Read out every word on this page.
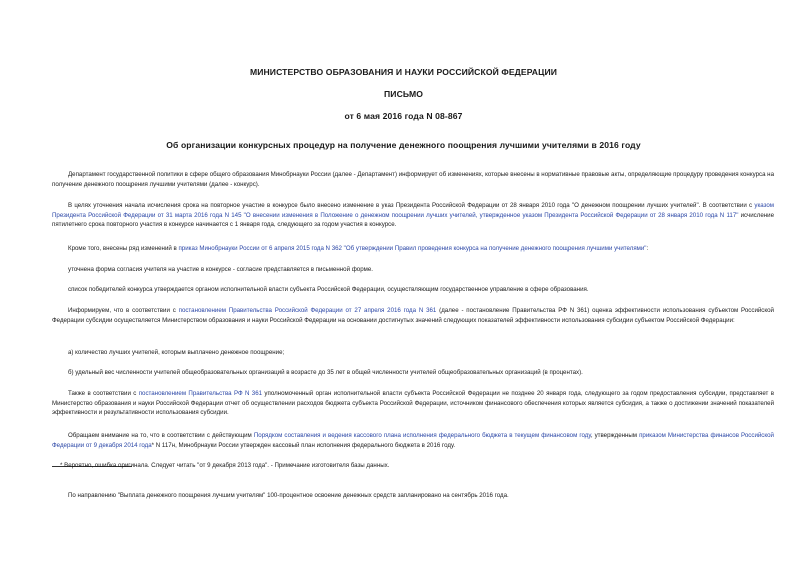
МИНИСТЕРСТВО ОБРАЗОВАНИЯ И НАУКИ РОССИЙСКОЙ ФЕДЕРАЦИИ
ПИСЬМО
от 6 мая 2016 года N 08-867
Об организации конкурсных процедур на получение денежного поощрения лучшими учителями в 2016 году

Департамент государственной политики в сфере общего образования Минобрнауки России (далее - Департамент) информирует об изменениях, которые внесены в нормативные правовые акты, определяющие процедуру проведения конкурса на получение денежного поощрения лучшими учителями (далее - конкурс).

В целях уточнения начала исчисления срока на повторное участие в конкурсе было внесено изменение в указ Президента Российской Федерации от 28 января 2010 года "О денежном поощрении лучших учителей". В соответствии с указом Президента Российской Федерации от 31 марта 2016 года N 145 "О внесении изменения в Положение о денежном поощрении лучших учителей, утвержденное указом Президента Российской Федерации от 28 января 2010 года N 117" исчисление пятилетнего срока повторного участия в конкурсе начинается с 1 января года, следующего за годом участия в конкурсе.

Кроме того, внесены ряд изменений в приказ Минобрнауки России от 6 апреля 2015 года N 362 "Об утверждении Правил проведения конкурса на получение денежного поощрения лучшими учителями":

уточнена форма согласия учителя на участие в конкурсе - согласие представляется в письменной форме.

список победителей конкурса утверждается органом исполнительной власти субъекта Российской Федерации, осуществляющим государственное управление в сфере образования.

Информируем, что в соответствии с постановлением Правительства Российской Федерации от 27 апреля 2016 года N 361 (далее - постановление Правительства РФ N 361) оценка эффективности использования субъектом Российской Федерации субсидии осуществляется Министерством образования и науки Российской Федерации на основании достигнутых значений следующих показателей эффективности использования субсидии субъектом Российской Федерации:

а) количество лучших учителей, которым выплачено денежное поощрение;

б) удельный вес численности учителей общеобразовательных организаций в возрасте до 35 лет в общей численности учителей общеобразовательных организаций (в процентах).

Также в соответствии с постановлением Правительства РФ N 361 уполномоченный орган исполнительной власти субъекта Российской Федерации не позднее 20 января года, следующего за годом предоставления субсидии, представляет в Министерство образования и науки Российской Федерации отчет об осуществлении расходов бюджета субъекта Российской Федерации, источником финансового обеспечения которых является субсидия, а также о достижении значений показателей эффективности и результативности использования субсидии.

Обращаем внимание на то, что в соответствии с действующим Порядком составления и ведения кассового плана исполнения федерального бюджета в текущем финансовом году, утвержденным приказом Министерства финансов Российской Федерации от 9 декабря 2014 года* N 117н, Минобрнауки России утвержден кассовый план исполнения федерального бюджета в 2016 году.

* Вероятно, ошибка оригинала. Следует читать "от 9 декабря 2013 года". - Примечание изготовителя базы данных.

По направлению "Выплата денежного поощрения лучшим учителям" 100-процентное освоение денежных средств запланировано на сентябрь 2016 года.
